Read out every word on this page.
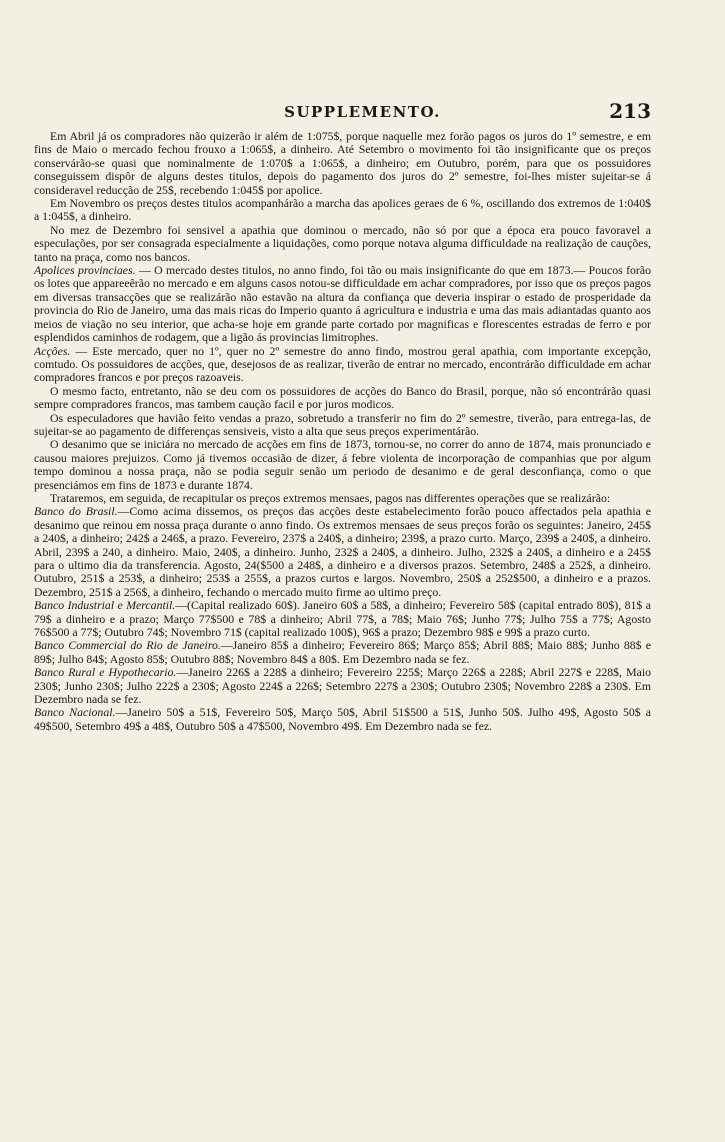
SUPPLEMENTO.	213

Em Abril já os compradores não quizerão ir além de 1:075$, porque naquelle mez forão pagos os juros do 1º semestre, e em fins de Maio o mercado fechou frouxo a 1:065$, a dinheiro. Até Setembro o movimento foi tão insignificante que os preços conservárão-se quasi que nominalmente de 1:070$ a 1:065$, a dinheiro; em Outubro, porém, para que os possuidores conseguissem dispôr de alguns destes titulos, depois do pagamento dos juros do 2º semestre, foi-lhes mister sujeitar-se á consideravel reducção de 25$, recebendo 1:045$ por apolice.

Em Novembro os preços destes titulos acompanhárão a marcha das apolices geraes de 6 %, oscillando dos extremos de 1:040$ a 1:045$, a dinheiro.

No mez de Dezembro foi sensivel a apathia que dominou o mercado, não só por que a época era pouco favoravel a especulações, por ser consagrada especialmente a liquidações, como porque notava alguma difficuldade na realização de cauções, tanto na praça, como nos bancos.

Apolices provinciaes. — O mercado destes titulos, no anno findo, foi tão ou mais insignificante do que em 1873.— Poucos forão os lotes que appareeêrão no mercado e em alguns casos notou-se difficuldade em achar compradores, por isso que os preços pagos em diversas transacções que se realizárão não estavão na altura da confiança que deveria inspirar o estado de prosperidade da provincia do Rio de Janeiro, uma das mais ricas do Imperio quanto á agricultura e industria e uma das mais adiantadas quanto aos meios de viação no seu interior, que acha-se hoje em grande parte cortado por magnificas e florescentes estradas de ferro e por esplendidos caminhos de rodagem, que a ligão ás provincias limitrophes.

Acções. — Este mercado, quer no 1º, quer no 2º semestre do anno findo, mostrou geral apathia, com importante excepção, comtudo. Os possuidores de acções, que, desejosos de as realizar, tiverão de entrar no mercado, encontrárão difficuldade em achar compradores francos e por preços razoaveis.

O mesmo facto, entretanto, não se deu com os possuidores de acções do Banco do Brasil, porque, não só encontrárão quasi sempre compradores francos, mas tambem caução facil e por juros modicos.

Os especuladores que havião feito vendas a prazo, sobretudo a transferir no fim do 2º semestre, tiverão, para entrega-las, de sujeitar-se ao pagamento de differenças sensiveis, visto a alta que seus preços experimentárão.

O desanimo que se iniciára no mercado de acções em fins de 1873, tornou-se, no correr do anno de 1874, mais pronunciado e causou maiores prejuizos. Como já tivemos occasião de dizer, á febre violenta de incorporação de companhias que por algum tempo dominou a nossa praça, não se podia seguir senão um periodo de desanimo e de geral desconfiança, como o que presenciámos em fins de 1873 e durante 1874.

Trataremos, em seguida, de recapitular os preços extremos mensaes, pagos nas differentes operações que se realizárão:

Banco do Brasil.—Como acima dissemos, os preços das acções deste estabelecimento forão pouco affectados pela apathia e desanimo que reinou em nossa praça durante o anno findo. Os extremos mensaes de seus preços forão os seguintes: Janeiro, 245$ a 240$, a dinheiro; 242$ a 246$, a prazo. Fevereiro, 237$ a 240$, a dinheiro; 239$, a prazo curto. Março, 239$ a 240$, a dinheiro. Abril, 239$ a 240, a dinheiro. Maio, 240$, a dinheiro. Junho, 232$ a 240$, a dinheiro. Julho, 232$ a 240$, a dinheiro e a 245$ para o ultimo dia da transferencia. Agosto, 24($500 a 248$, a dinheiro e a diversos prazos. Setembro, 248$ a 252$, a dinheiro. Outubro, 251$ a 253$, a dinheiro; 253$ a 255$, a prazos curtos e largos. Novembro, 250$ a 252$500, a dinheiro e a prazos. Dezembro, 251$ a 256$, a dinheiro, fechando o mercado muito firme ao ultimo preço.

Banco Industrial e Mercantil.—(Capital realizado 60$). Janeiro 60$ a 58$, a dinheiro; Fevereiro 58$ (capital entrado 80$), 81$ a 79$ a dinheiro e a prazo; Março 77$500 e 78$ a dinheiro; Abril 77$, a 78$; Maio 76$; Junho 77$; Julho 75$ a 77$; Agosto 76$500 a 77$; Outubro 74$; Novembro 71$ (capital realizado 100$), 96$ a prazo; Dezembro 98$ e 99$ a prazo curto.

Banco Commercial do Rio de Janeiro.—Janeiro 85$ a dinheiro; Fevereiro 86$; Março 85$; Abril 88$; Maio 88$; Junho 88$ e 89$; Julho 84$; Agosto 85$; Outubro 88$; Novembro 84$ a 80$. Em Dezembro nada se fez.

Banco Rural e Hypothecario.—Janeiro 226$ a 228$ a dinheiro; Fevereiro 225$; Março 226$ a 228$; Abril 227$ e 228$, Maio 230$; Junho 230$; Julho 222$ a 230$; Agosto 224$ a 226$; Setembro 227$ a 230$; Outubro 230$; Novembro 228$ a 230$. Em Dezembro nada se fez.

Banco Nacional.—Janeiro 50$ a 51$, Fevereiro 50$, Março 50$, Abril 51$500 a 51$, Junho 50$. Julho 49$, Agosto 50$ a 49$500, Setembro 49$ a 48$, Outubro 50$ a 47$500, Novembro 49$. Em Dezembro nada se fez.
